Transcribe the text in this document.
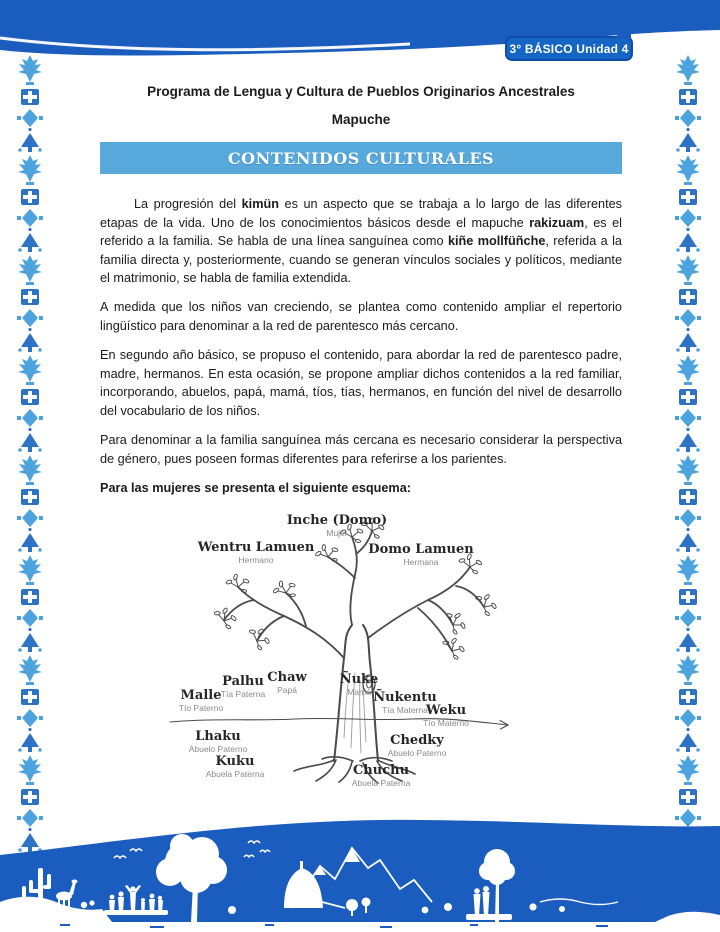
3° BÁSICO Unidad 4
Programa de Lengua y Cultura de Pueblos Originarios Ancestrales
Mapuche
CONTENIDOS CULTURALES

La progresión del kimün es un aspecto que se trabaja a lo largo de las diferentes etapas de la vida. Uno de los conocimientos básicos desde el mapuche rakizuam, es el referido a la familia. Se habla de una línea sanguínea como kiñe mollfüñche, referida a la familia directa y, posteriormente, cuando se generan vínculos sociales y políticos, mediante el matrimonio, se habla de familia extendida.

A medida que los niños van creciendo, se plantea como contenido ampliar el repertorio lingüístico para denominar a la red de parentesco más cercano.

En segundo año básico, se propuso el contenido, para abordar la red de parentesco padre, madre, hermanos. En esta ocasión, se propone ampliar dichos contenidos a la red familiar, incorporando, abuelos, papá, mamá, tíos, tías, hermanos, en función del nivel de desarrollo del vocabulario de los niños.

Para denominar a la familia sanguínea más cercana es necesario considerar la perspectiva de género, pues poseen formas diferentes para referirse a los parientes.

Para las mujeres se presenta el siguiente esquema:

Inche (Domo)
Mujer
Wentru Lamuen
Hermano
Domo Lamuen
Hermana
Palhu
Tía Paterna
Chaw
Papá
Ñuke
Mamá
Malle
Tío Paterno
Ñukentu
Tía Materna
Weku
Tío Materno
Lhaku
Abuelo Paterno
Chedky
Abuelo Paterno
Kuku
Abuela Paterna	Chuchu
Abuela Paterna
